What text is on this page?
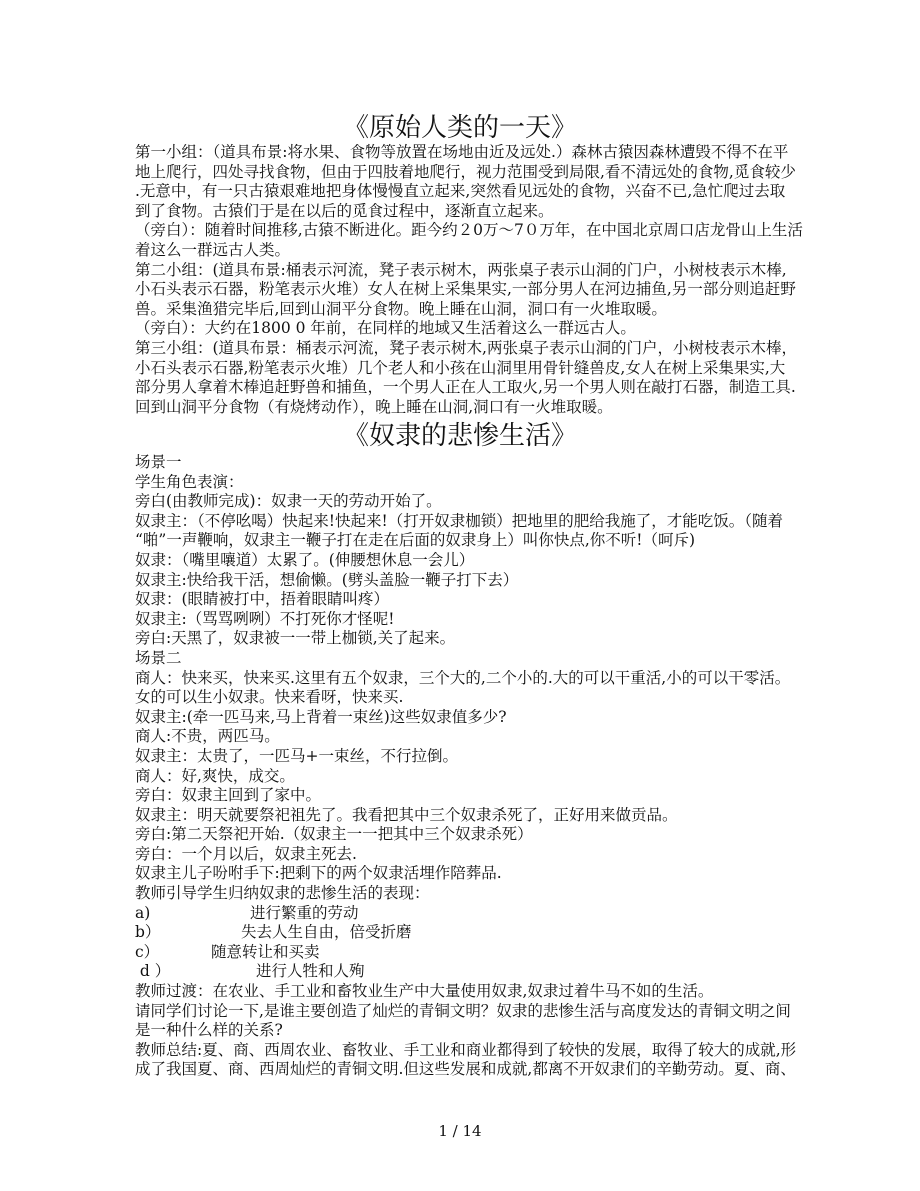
《原始人类的一天》
第一小组：（道具布景:将水果、食物等放置在场地由近及远处.）森林古猿因森林遭毁不得不在平
地上爬行，四处寻找食物，但由于四肢着地爬行，视力范围受到局限,看不清远处的食物,觅食较少
.无意中，有一只古猿艰难地把身体慢慢直立起来,突然看见远处的食物，兴奋不已,急忙爬过去取
到了食物。古猿们于是在以后的觅食过程中，逐渐直立起来。
（旁白）：随着时间推移,古猿不断进化。距今约２0万～7０万年，在中国北京周口店龙骨山上生活
着这么一群远古人类。
第二小组：(道具布景:桶表示河流，凳子表示树木，两张桌子表示山洞的门户，小树枝表示木棒,
小石头表示石器，粉笔表示火堆）女人在树上采集果实,一部分男人在河边捕鱼,另一部分则追赶野
兽。采集渔猎完毕后,回到山洞平分食物。晚上睡在山洞，洞口有一火堆取暖。
（旁白）：大约在1800 0 年前，在同样的地域又生活着这么一群远古人。
第三小组：(道具布景：桶表示河流，凳子表示树木,两张桌子表示山洞的门户，小树枝表示木棒，
小石头表示石器,粉笔表示火堆）几个老人和小孩在山洞里用骨针缝兽皮,女人在树上采集果实,大
部分男人拿着木棒追赶野兽和捕鱼，一个男人正在人工取火,另一个男人则在敲打石器，制造工具.
回到山洞平分食物（有烧烤动作），晚上睡在山洞,洞口有一火堆取暖。
《奴隶的悲惨生活》
场景一
学生角色表演：
旁白(由教师完成)：奴隶一天的劳动开始了。
奴隶主：（不停吆喝）快起来!快起来!（打开奴隶枷锁）把地里的肥给我施了，才能吃饭。（随着
“啪”一声鞭响，奴隶主一鞭子打在走在后面的奴隶身上）叫你快点,你不听!（呵斥)
奴隶：（嘴里嚷道）太累了。(伸腰想休息一会儿）
奴隶主:快给我干活，想偷懒。(劈头盖脸一鞭子打下去）
奴隶：(眼睛被打中，捂着眼睛叫疼）
奴隶主:（骂骂咧咧）不打死你才怪呢!
旁白:天黑了，奴隶被一一带上枷锁,关了起来。
场景二
商人：快来买，快来买.这里有五个奴隶，三个大的,二个小的.大的可以干重活,小的可以干零活。
女的可以生小奴隶。快来看呀，快来买.
奴隶主:(牵一匹马来,马上背着一束丝)这些奴隶值多少?
商人:不贵，两匹马。
奴隶主：太贵了，一匹马+一束丝，不行拉倒。
商人：好,爽快，成交。
旁白：奴隶主回到了家中。
奴隶主：明天就要祭祀祖先了。我看把其中三个奴隶杀死了，正好用来做贡品。
旁白:第二天祭祀开始.（奴隶主一一把其中三个奴隶杀死）
旁白：一个月以后，奴隶主死去.
奴隶主儿子吩咐手下:把剩下的两个奴隶活埋作陪葬品.
教师引导学生归纳奴隶的悲惨生活的表现：
a)	进行繁重的劳动
b）	失去人生自由，倍受折磨
c）	随意转让和买卖
d ）	进行人牲和人殉
教师过渡：在农业、手工业和畜牧业生产中大量使用奴隶,奴隶过着牛马不如的生活。
请同学们讨论一下,是谁主要创造了灿烂的青铜文明？奴隶的悲惨生活与高度发达的青铜文明之间
是一种什么样的关系?
教师总结:夏、商、西周农业、畜牧业、手工业和商业都得到了较快的发展，取得了较大的成就,形
成了我国夏、商、西周灿烂的青铜文明.但这些发展和成就,都离不开奴隶们的辛勤劳动。夏、商、
1 / 14
